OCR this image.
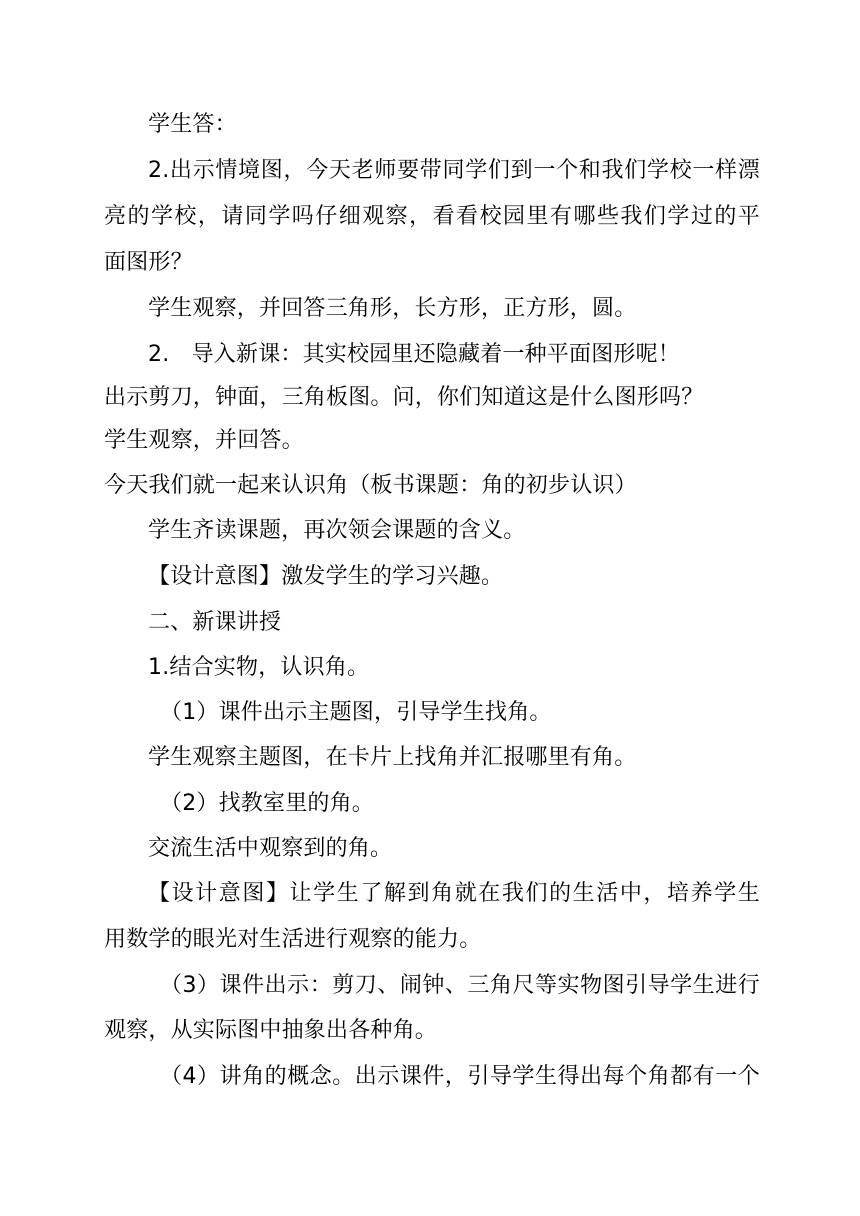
学生答：
2.出示情境图，今天老师要带同学们到一个和我们学校一样漂
亮的学校，请同学吗仔细观察，看看校园里有哪些我们学过的平
面图形？
学生观察，并回答三角形，长方形，正方形，圆。
2.　导入新课：其实校园里还隐藏着一种平面图形呢！
出示剪刀，钟面，三角板图。问，你们知道这是什么图形吗？
学生观察，并回答。
今天我们就一起来认识角（板书课题：角的初步认识）
学生齐读课题，再次领会课题的含义。
【设计意图】激发学生的学习兴趣。
二、新课讲授
1.结合实物，认识角。
（1）课件出示主题图，引导学生找角。
学生观察主题图，在卡片上找角并汇报哪里有角。
（2）找教室里的角。
交流生活中观察到的角。
【设计意图】让学生了解到角就在我们的生活中，培养学生
用数学的眼光对生活进行观察的能力。
（3）课件出示：剪刀、闹钟、三角尺等实物图引导学生进行
观察，从实际图中抽象出各种角。
（4）讲角的概念。出示课件，引导学生得出每个角都有一个
